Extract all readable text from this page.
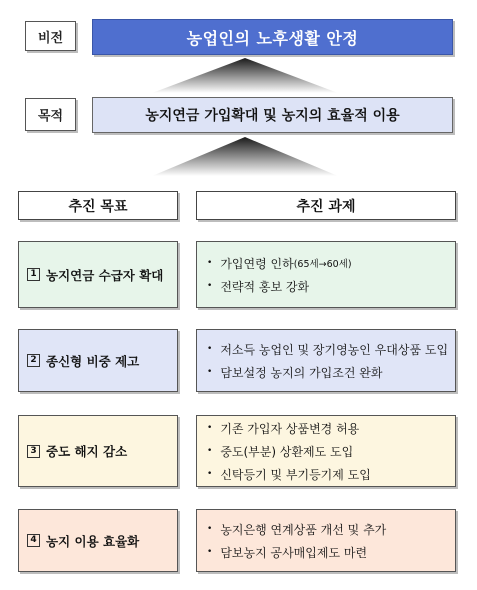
비전	농업인의 노후생활 안정
목적	농지연금 가입확대 및 농지의 효율적 이용
추진 목표	추진 과제
1 농지연금 수급자 확대
• 가입연령 인하 (65세→60세)
• 전략적 홍보 강화
2 종신형 비중 제고
• 저소득 농업인 및 장기영농인 우대상품 도입
• 담보설정 농지의 가입조건 완화
3 중도 해지 감소
• 기존 가입자 상품변경 허용
• 중도(부분) 상환제도 도입
• 신탁등기 및 부기등기제 도입
4 농지 이용 효율화
• 농지은행 연계상품 개선 및 추가
• 담보농지 공사매입제도 마련
